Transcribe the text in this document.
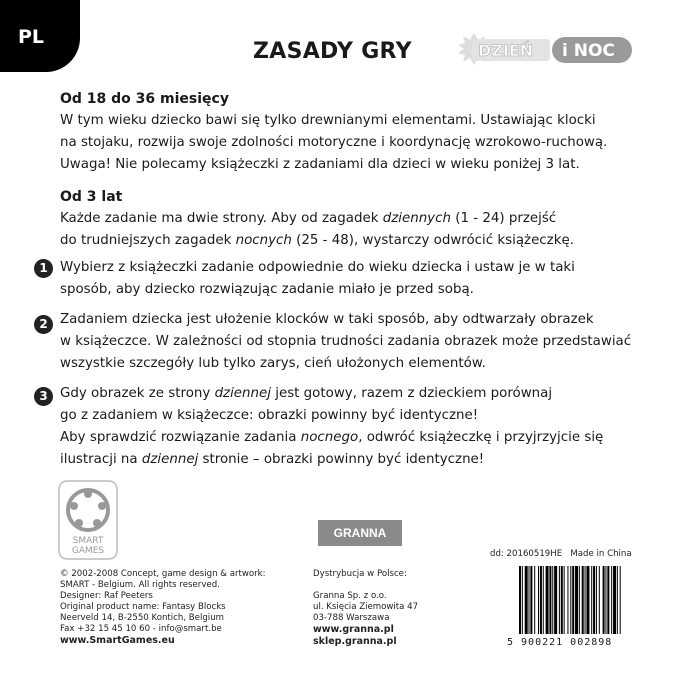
PL
ZASADY GRY	DZIEŃ i NOC
Od 18 do 36 miesięcy
W tym wieku dziecko bawi się tylko drewnianymi elementami. Ustawiając klocki
na stojaku, rozwija swoje zdolności motoryczne i koordynację wzrokowo-ruchową.
Uwaga! Nie polecamy książeczki z zadaniami dla dzieci w wieku poniżej 3 lat.
Od 3 lat
Każde zadanie ma dwie strony. Aby od zagadek dziennych (1 - 24) przejść
do trudniejszych zagadek nocnych (25 - 48), wystarczy odwrócić książeczkę.
1 Wybierz z książeczki zadanie odpowiednie do wieku dziecka i ustaw je w taki
sposób, aby dziecko rozwiązując zadanie miało je przed sobą.
2 Zadaniem dziecka jest ułożenie klocków w taki sposób, aby odtwarzały obrazek
w książeczce. W zależności od stopnia trudności zadania obrazek może przedstawiać
wszystkie szczegóły lub tylko zarys, cień ułożonych elementów.
3 Gdy obrazek ze strony dziennej jest gotowy, razem z dzieckiem porównaj
go z zadaniem w książeczce: obrazki powinny być identyczne!
Aby sprawdzić rozwiązanie zadania nocnego, odwróć książeczkę i przyjrzyjcie się
ilustracji na dziennej stronie – obrazki powinny być identyczne!
SMART
GAMES
© 2002-2008 Concept, game design & artwork:
SMART - Belgium. All rights reserved.
Designer: Raf Peeters
Original product name: Fantasy Blocks
Neerveld 14, B-2550 Kontich, Belgium
Fax +32 15 45 10 60 - info@smart.be
www.SmartGames.eu
GRANNA
Dystrybucja w Polsce:
Granna Sp. z o.o.
ul. Księcia Ziemowita 47
03-788 Warszawa
www.granna.pl
sklep.granna.pl
dd: 20160519HE Made in China
5 900221 002898
